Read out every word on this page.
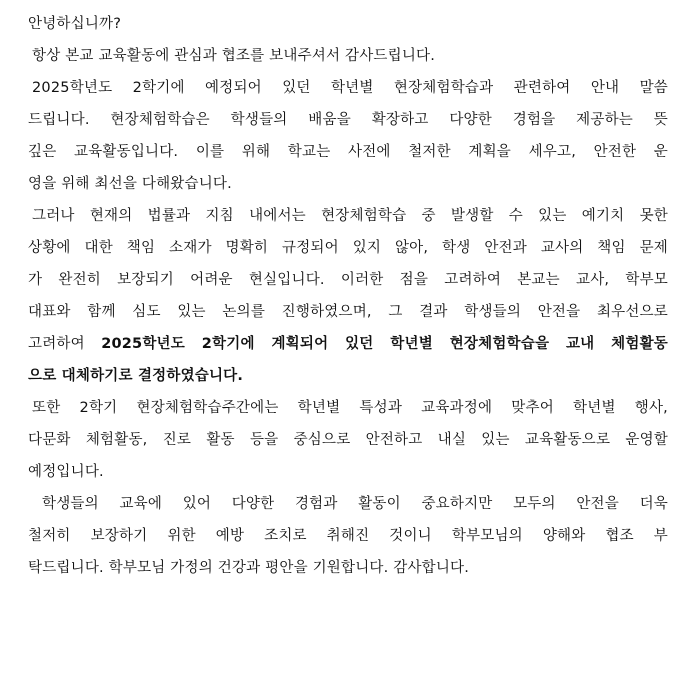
안녕하십니까?
항상 본교 교육활동에 관심과 협조를 보내주셔서 감사드립니다.
2025학년도 2학기에 예정되어 있던 학년별 현장체험학습과 관련하여 안내 말씀
드립니다. 현장체험학습은 학생들의 배움을 확장하고 다양한 경험을 제공하는 뜻
깊은 교육활동입니다. 이를 위해 학교는 사전에 철저한 계획을 세우고, 안전한 운
영을 위해 최선을 다해왔습니다.
그러나 현재의 법률과 지침 내에서는 현장체험학습 중 발생할 수 있는 예기치 못한
상황에 대한 책임 소재가 명확히 규정되어 있지 않아, 학생 안전과 교사의 책임 문제
가 완전히 보장되기 어려운 현실입니다. 이러한 점을 고려하여 본교는 교사, 학부모
대표와 함께 심도 있는 논의를 진행하였으며, 그 결과 학생들의 안전을 최우선으로
고려하여 2025학년도 2학기에 계획되어 있던 학년별 현장체험학습을 교내 체험활동
으로 대체하기로 결정하였습니다.
또한 2학기 현장체험학습주간에는 학년별 특성과 교육과정에 맞추어 학년별 행사,
다문화 체험활동, 진로 활동 등을 중심으로 안전하고 내실 있는 교육활동으로 운영할
예정입니다.
학생들의 교육에 있어 다양한 경험과 활동이 중요하지만 모두의 안전을 더욱
철저히 보장하기 위한 예방 조치로 취해진 것이니 학부모님의 양해와 협조 부
탁드립니다. 학부모님 가정의 건강과 평안을 기원합니다. 감사합니다.
